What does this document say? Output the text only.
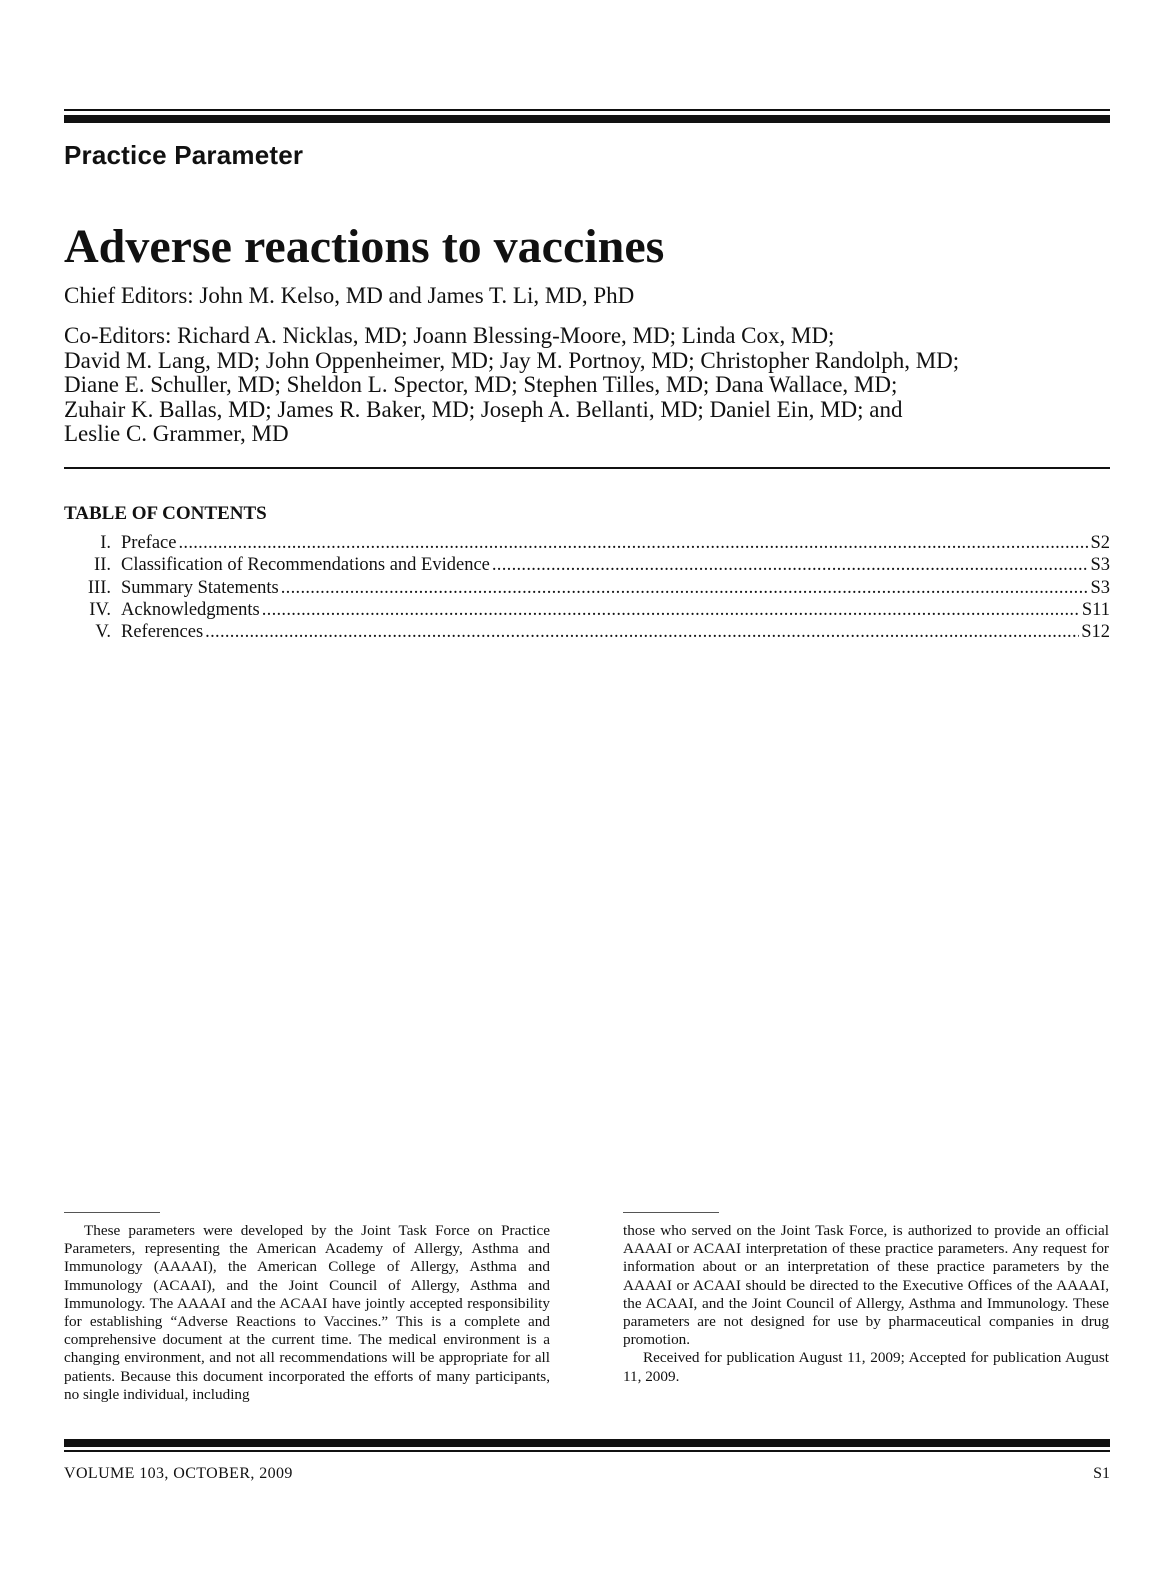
Practice Parameter
Adverse reactions to vaccines

Chief Editors: John M. Kelso, MD and James T. Li, MD, PhD

Co-Editors: Richard A. Nicklas, MD; Joann Blessing-Moore, MD; Linda Cox, MD;
David M. Lang, MD; John Oppenheimer, MD; Jay M. Portnoy, MD; Christopher Randolph, MD;
Diane E. Schuller, MD; Sheldon L. Spector, MD; Stephen Tilles, MD; Dana Wallace, MD;
Zuhair K. Ballas, MD; James R. Baker, MD; Joseph A. Bellanti, MD; Daniel Ein, MD; and
Leslie C. Grammer, MD
TABLE OF CONTENTS
I. Preface .....	S2
II. Classification of Recommendations and Evidence .....	S3
III. Summary Statements .....	S3
IV. Acknowledgments .....	S11
V. References .....	S12

These parameters were developed by the Joint Task Force on Practice Parameters, representing the American Academy of Allergy, Asthma and Immunology (AAAAI), the American College of Allergy, Asthma and Immunology (ACAAI), and the Joint Council of Allergy, Asthma and Immunology. The AAAAI and the ACAAI have jointly accepted responsibility for establishing “Adverse Reactions to Vaccines.” This is a complete and comprehensive document at the current time. The medical environment is a changing environment, and not all recommendations will be appropriate for all patients. Because this document incorporated the efforts of many participants, no single individual, including

those who served on the Joint Task Force, is authorized to provide an official AAAAI or ACAAI interpretation of these practice parameters. Any request for information about or an interpretation of these practice parameters by the AAAAI or ACAAI should be directed to the Executive Offices of the AAAAI, the ACAAI, and the Joint Council of Allergy, Asthma and Immunology. These parameters are not designed for use by pharmaceutical companies in drug promotion.

Received for publication August 11, 2009; Accepted for publication August 11, 2009.

VOLUME 103, OCTOBER, 2009	S1
